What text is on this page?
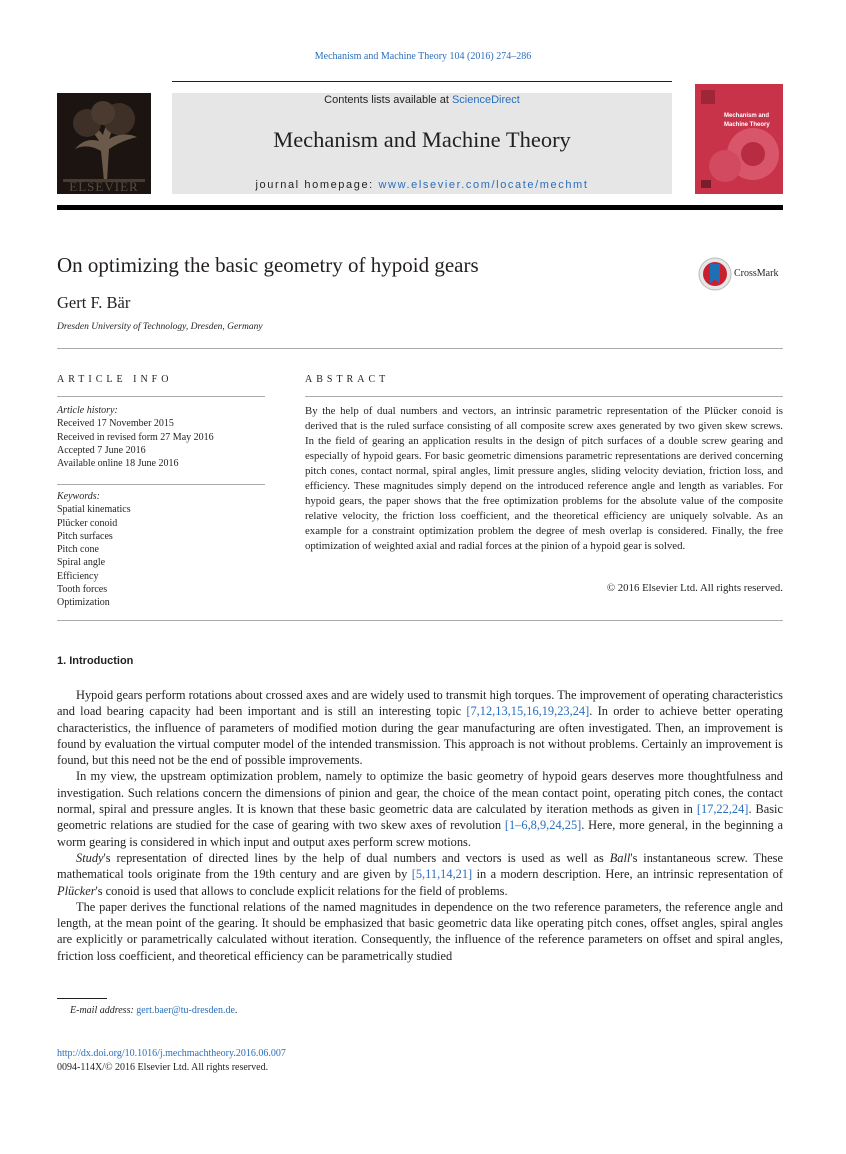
Mechanism and Machine Theory 104 (2016) 274–286
ELSEVIER
Contents lists available at ScienceDirect
Mechanism and Machine Theory
journal homepage: www.elsevier.com/locate/mechmt
Mechanism and Machine Theory
On optimizing the basic geometry of hypoid gears	CrossMark
Gert F. Bär
Dresden University of Technology, Dresden, Germany
ARTICLE INFO
Article history:
Received 17 November 2015
Received in revised form 27 May 2016
Accepted 7 June 2016
Available online 18 June 2016
Keywords:
Spatial kinematics
Plücker conoid
Pitch surfaces
Pitch cone
Spiral angle
Efficiency
Tooth forces
Optimization
ABSTRACT

By the help of dual numbers and vectors, an intrinsic parametric representation of the Plücker conoid is derived that is the ruled surface consisting of all composite screw axes generated by two given skew screws. In the field of gearing an application results in the design of pitch surfaces of a double screw gearing and especially of hypoid gears. For basic geometric dimensions parametric representations are derived concerning pitch cones, contact normal, spiral angles, limit pressure angles, sliding velocity deviation, friction loss, and efficiency. These magnitudes simply depend on the introduced reference angle and length as variables. For hypoid gears, the paper shows that the free optimization problems for the absolute value of the composite relative velocity, the friction loss coefficient, and the theoretical efficiency are uniquely solvable. As an example for a constraint optimization problem the degree of mesh overlap is considered. Finally, the free optimization of weighted axial and radial forces at the pinion of a hypoid gear is solved.

© 2016 Elsevier Ltd. All rights reserved.
1. Introduction

Hypoid gears perform rotations about crossed axes and are widely used to transmit high torques. The improvement of operating characteristics and load bearing capacity had been important and is still an interesting topic [7,12,13,15,16,19,23,24]. In order to achieve better operating characteristics, the influence of parameters of modified motion during the gear manufacturing are often investigated. Then, an improvement is found by evaluation the virtual computer model of the intended transmission. This approach is not without problems. Certainly an improvement is found, but this need not be the end of possible improvements.

In my view, the upstream optimization problem, namely to optimize the basic geometry of hypoid gears deserves more thoughtfulness and investigation. Such relations concern the dimensions of pinion and gear, the choice of the mean contact point, operating pitch cones, the contact normal, spiral and pressure angles. It is known that these basic geometric data are calculated by iteration methods as given in [17,22,24]. Basic geometric relations are studied for the case of gearing with two skew axes of revolution [1–6,8,9,24,25]. Here, more general, in the beginning a worm gearing is considered in which input and output axes perform screw motions.

Study's representation of directed lines by the help of dual numbers and vectors is used as well as Ball's instantaneous screw. These mathematical tools originate from the 19th century and are given by [5,11,14,21] in a modern description. Here, an intrinsic representation of Plücker's conoid is used that allows to conclude explicit relations for the field of problems.

The paper derives the functional relations of the named magnitudes in dependence on the two reference parameters, the reference angle and length, at the mean point of the gearing. It should be emphasized that basic geometric data like operating pitch cones, offset angles, spiral angles are explicitly or parametrically calculated without iteration. Consequently, the influence of the reference parameters on offset and spiral angles, friction loss coefficient, and theoretical efficiency can be parametrically studied

E-mail address: gert.baer@tu-dresden.de.
http://dx.doi.org/10.1016/j.mechmachtheory.2016.06.007
0094-114X/© 2016 Elsevier Ltd. All rights reserved.
